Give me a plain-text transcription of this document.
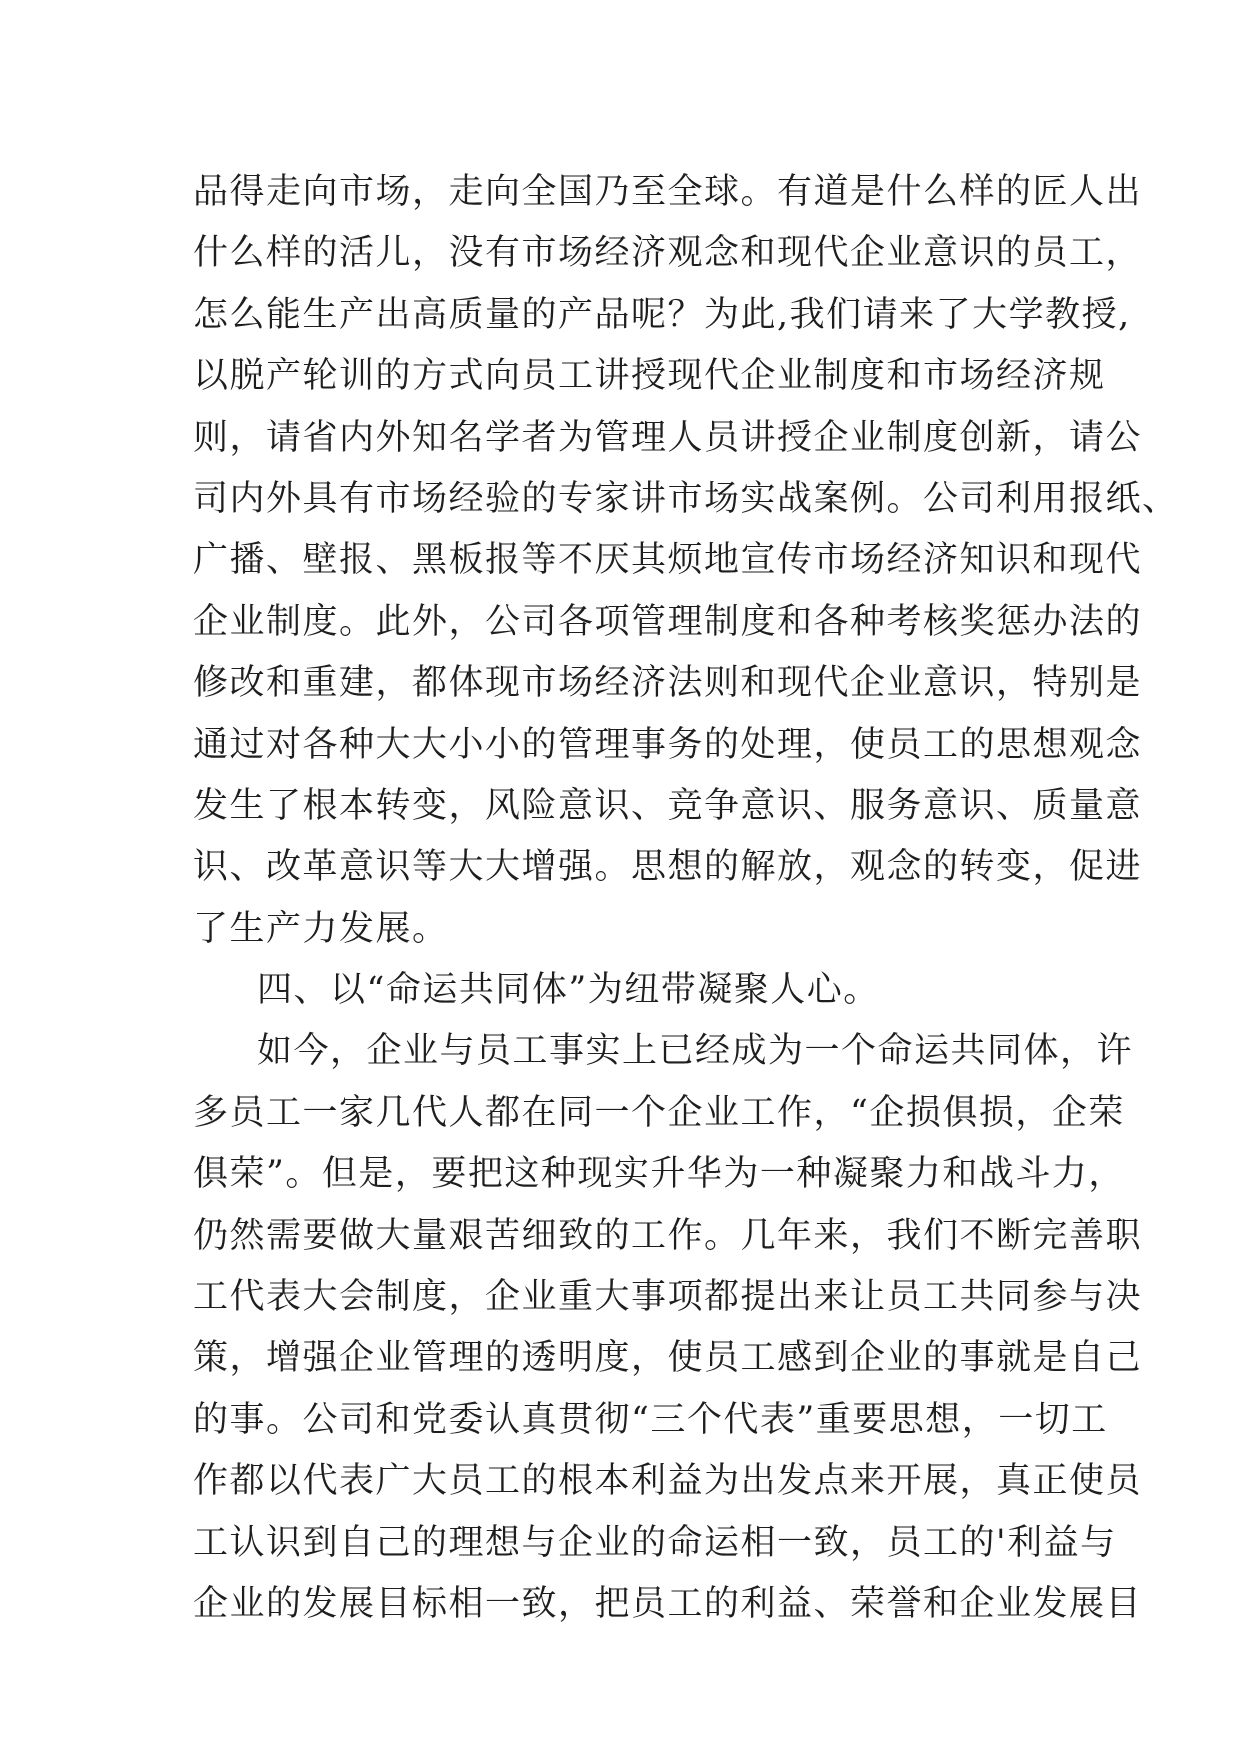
品得走向市场，走向全国乃至全球。有道是什么样的匠人出
什么样的活儿，没有市场经济观念和现代企业意识的员工，
怎么能生产出高质量的产品呢？为此,我们请来了大学教授,
以脱产轮训的方式向员工讲授现代企业制度和市场经济规
则，请省内外知名学者为管理人员讲授企业制度创新，请公
司内外具有市场经验的专家讲市场实战案例。公司利用报纸、
广播、壁报、黑板报等不厌其烦地宣传市场经济知识和现代
企业制度。此外，公司各项管理制度和各种考核奖惩办法的
修改和重建，都体现市场经济法则和现代企业意识，特别是
通过对各种大大小小的管理事务的处理，使员工的思想观念
发生了根本转变，风险意识、竞争意识、服务意识、质量意
识、改革意识等大大增强。思想的解放，观念的转变，促进
了生产力发展。
四、以“命运共同体”为纽带凝聚人心。
如今，企业与员工事实上已经成为一个命运共同体，许
多员工一家几代人都在同一个企业工作，“企损俱损，企荣
俱荣”。但是，要把这种现实升华为一种凝聚力和战斗力，
仍然需要做大量艰苦细致的工作。几年来，我们不断完善职
工代表大会制度，企业重大事项都提出来让员工共同参与决
策，增强企业管理的透明度，使员工感到企业的事就是自己
的事。公司和党委认真贯彻“三个代表”重要思想，一切工
作都以代表广大员工的根本利益为出发点来开展，真正使员
工认识到自己的理想与企业的命运相一致，员工的'利益与
企业的发展目标相一致，把员工的利益、荣誉和企业发展目
